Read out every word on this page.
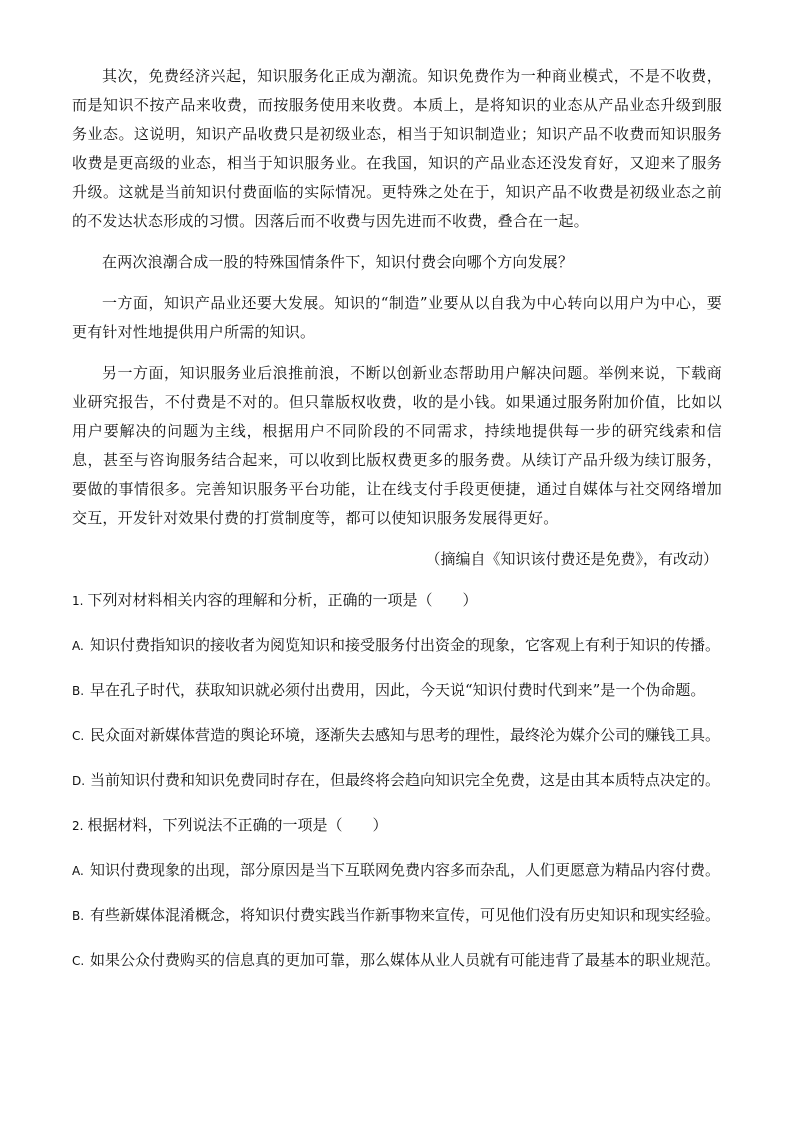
其次，免费经济兴起，知识服务化正成为潮流。知识免费作为一种商业模式，不是不收费，而是知识不按产品来收费，而按服务使用来收费。本质上，是将知识的业态从产品业态升级到服务业态。这说明，知识产品收费只是初级业态，相当于知识制造业；知识产品不收费而知识服务收费是更高级的业态，相当于知识服务业。在我国，知识的产品业态还没发育好，又迎来了服务升级。这就是当前知识付费面临的实际情况。更特殊之处在于，知识产品不收费是初级业态之前的不发达状态形成的习惯。因落后而不收费与因先进而不收费，叠合在一起。

在两次浪潮合成一股的特殊国情条件下，知识付费会向哪个方向发展？

一方面，知识产品业还要大发展。知识的“制造”业要从以自我为中心转向以用户为中心，要更有针对性地提供用户所需的知识。

另一方面，知识服务业后浪推前浪，不断以创新业态帮助用户解决问题。举例来说，下载商业研究报告，不付费是不对的。但只靠版权收费，收的是小钱。如果通过服务附加价值，比如以用户要解决的问题为主线，根据用户不同阶段的不同需求，持续地提供每一步的研究线索和信息，甚至与咨询服务结合起来，可以收到比版权费更多的服务费。从续订产品升级为续订服务，要做的事情很多。完善知识服务平台功能，让在线支付手段更便捷，通过自媒体与社交网络增加交互，开发针对效果付费的打赏制度等，都可以使知识服务发展得更好。

（摘编自《知识该付费还是免费》，有改动）

1. 下列对材料相关内容的理解和分析，正确的一项是（　　）

A. 知识付费指知识的接收者为阅览知识和接受服务付出资金的现象，它客观上有利于知识的传播。

B. 早在孔子时代，获取知识就必须付出费用，因此，今天说“知识付费时代到来”是一个伪命题。

C. 民众面对新媒体营造的舆论环境，逐渐失去感知与思考的理性，最终沦为媒介公司的赚钱工具。

D. 当前知识付费和知识免费同时存在，但最终将会趋向知识完全免费，这是由其本质特点决定的。

2. 根据材料，下列说法不正确的一项是（　　）

A. 知识付费现象的出现，部分原因是当下互联网免费内容多而杂乱，人们更愿意为精品内容付费。

B. 有些新媒体混淆概念，将知识付费实践当作新事物来宣传，可见他们没有历史知识和现实经验。

C. 如果公众付费购买的信息真的更加可靠，那么媒体从业人员就有可能违背了最基本的职业规范。
